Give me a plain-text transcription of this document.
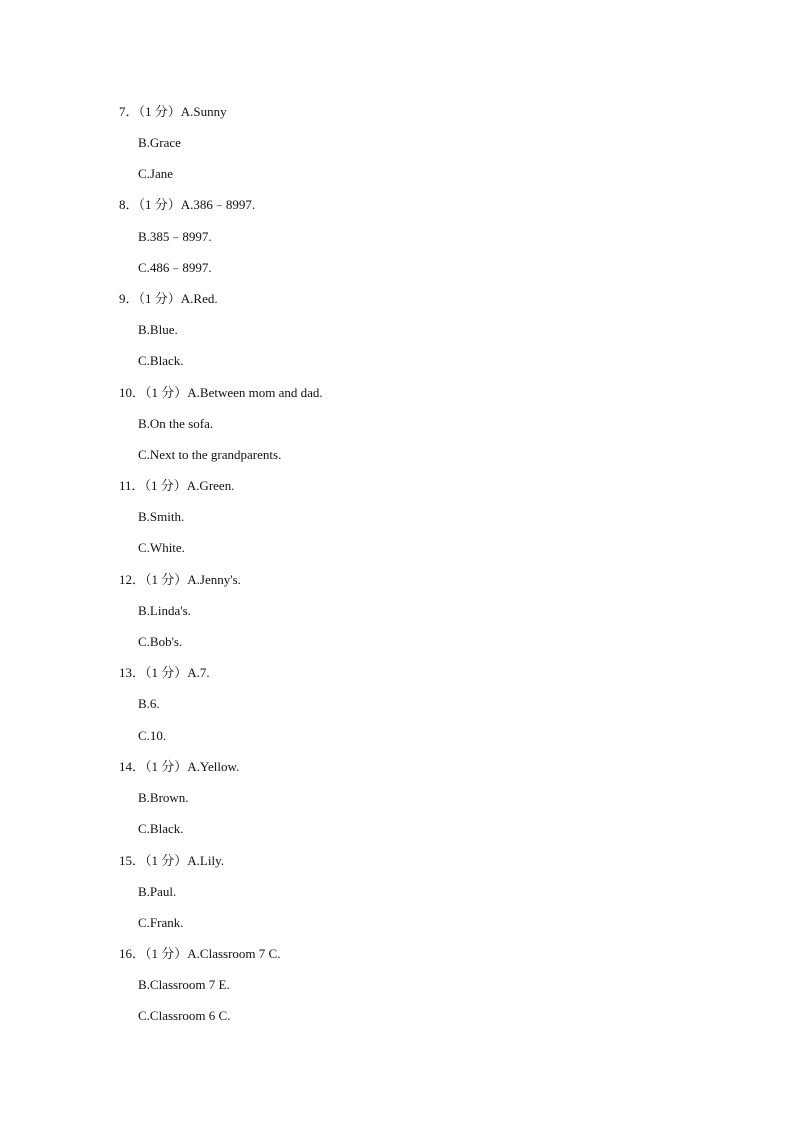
7．（1 分）A.Sunny
B.Grace
C.Jane
8．（1 分）A.386﹣8997.
B.385﹣8997.
C.486﹣8997.
9．（1 分）A.Red.
B.Blue.
C.Black.
10．（1 分）A.Between mom and dad.
B.On the sofa.
C.Next to the grandparents.
11．（1 分）A.Green.
B.Smith.
C.White.
12．（1 分）A.Jenny's.
B.Linda's.
C.Bob's.
13．（1 分）A.7.
B.6.
C.10.
14．（1 分）A.Yellow.
B.Brown.
C.Black.
15．（1 分）A.Lily.
B.Paul.
C.Frank.
16．（1 分）A.Classroom 7 C.
B.Classroom 7 E.
C.Classroom 6 C.
